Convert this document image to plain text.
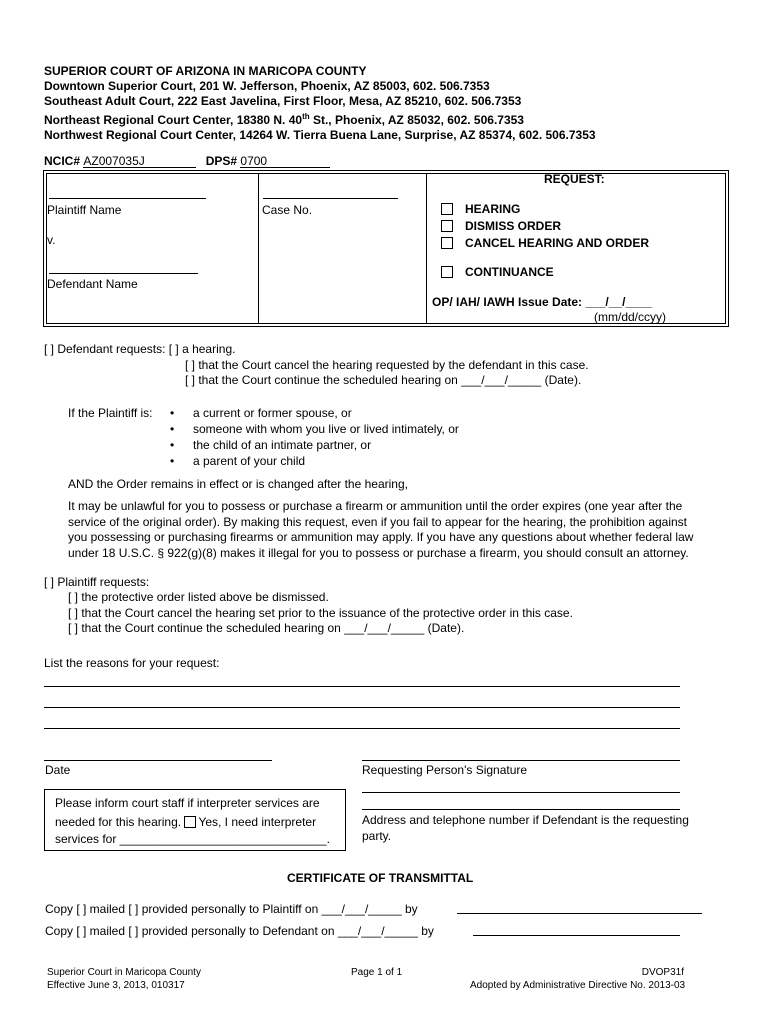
SUPERIOR COURT OF ARIZONA IN MARICOPA COUNTY
Downtown Superior Court, 201 W. Jefferson, Phoenix, AZ 85003, 602. 506.7353
Southeast Adult Court, 222 East Javelina, First Floor, Mesa, AZ 85210, 602. 506.7353
Northeast Regional Court Center, 18380 N. 40th St., Phoenix, AZ 85032, 602. 506.7353
Northwest Regional Court Center, 14264 W. Tierra Buena Lane, Surprise, AZ 85374, 602. 506.7353
NCIC# AZ007035J	DPS# 0700
Plaintiff Name
v.
Defendant Name
Case No.
REQUEST:
HEARING
DISMISS ORDER
CANCEL HEARING AND ORDER
CONTINUANCE
OP/ IAH/ IAWH Issue Date: ___/__/____
(mm/dd/ccyy)
[ ] Defendant requests: [ ] a hearing.
[ ] that the Court cancel the hearing requested by the defendant in this case.
[ ] that the Court continue the scheduled hearing on ___/___/_____ (Date).
If the Plaintiff is:
•	a current or former spouse, or
• someone with whom you live or lived intimately, or
• the child of an intimate partner, or
• a parent of your child
AND the Order remains in effect or is changed after the hearing,
It may be unlawful for you to possess or purchase a firearm or ammunition until the order expires (one year after the
service of the original order). By making this request, even if you fail to appear for the hearing, the prohibition against
you possessing or purchasing firearms or ammunition may apply. If you have any questions about whether federal law
under 18 U.S.C. § 922(g)(8) makes it illegal for you to possess or purchase a firearm, you should consult an attorney.
[ ] Plaintiff requests:
[ ] the protective order listed above be dismissed.
[ ] that the Court cancel the hearing set prior to the issuance of the protective order in this case.
[ ] that the Court continue the scheduled hearing on ___/___/_____ (Date).
List the reasons for your request:
Date	Requesting Person's Signature
Address and telephone number if Defendant is the requesting
party.
Please inform court staff if interpreter services are
needed for this hearing. Yes, I need interpreter
services for _______________________________.
CERTIFICATE OF TRANSMITTAL
Copy [ ] mailed [ ] provided personally to Plaintiff on ___/___/_____ by
Copy [ ] mailed [ ] provided personally to Defendant on ___/___/_____ by
Superior Court in Maricopa County
Effective June 3, 2013, 010317
Page 1 of 1	DVOP31f
Adopted by Administrative Directive No. 2013-03
